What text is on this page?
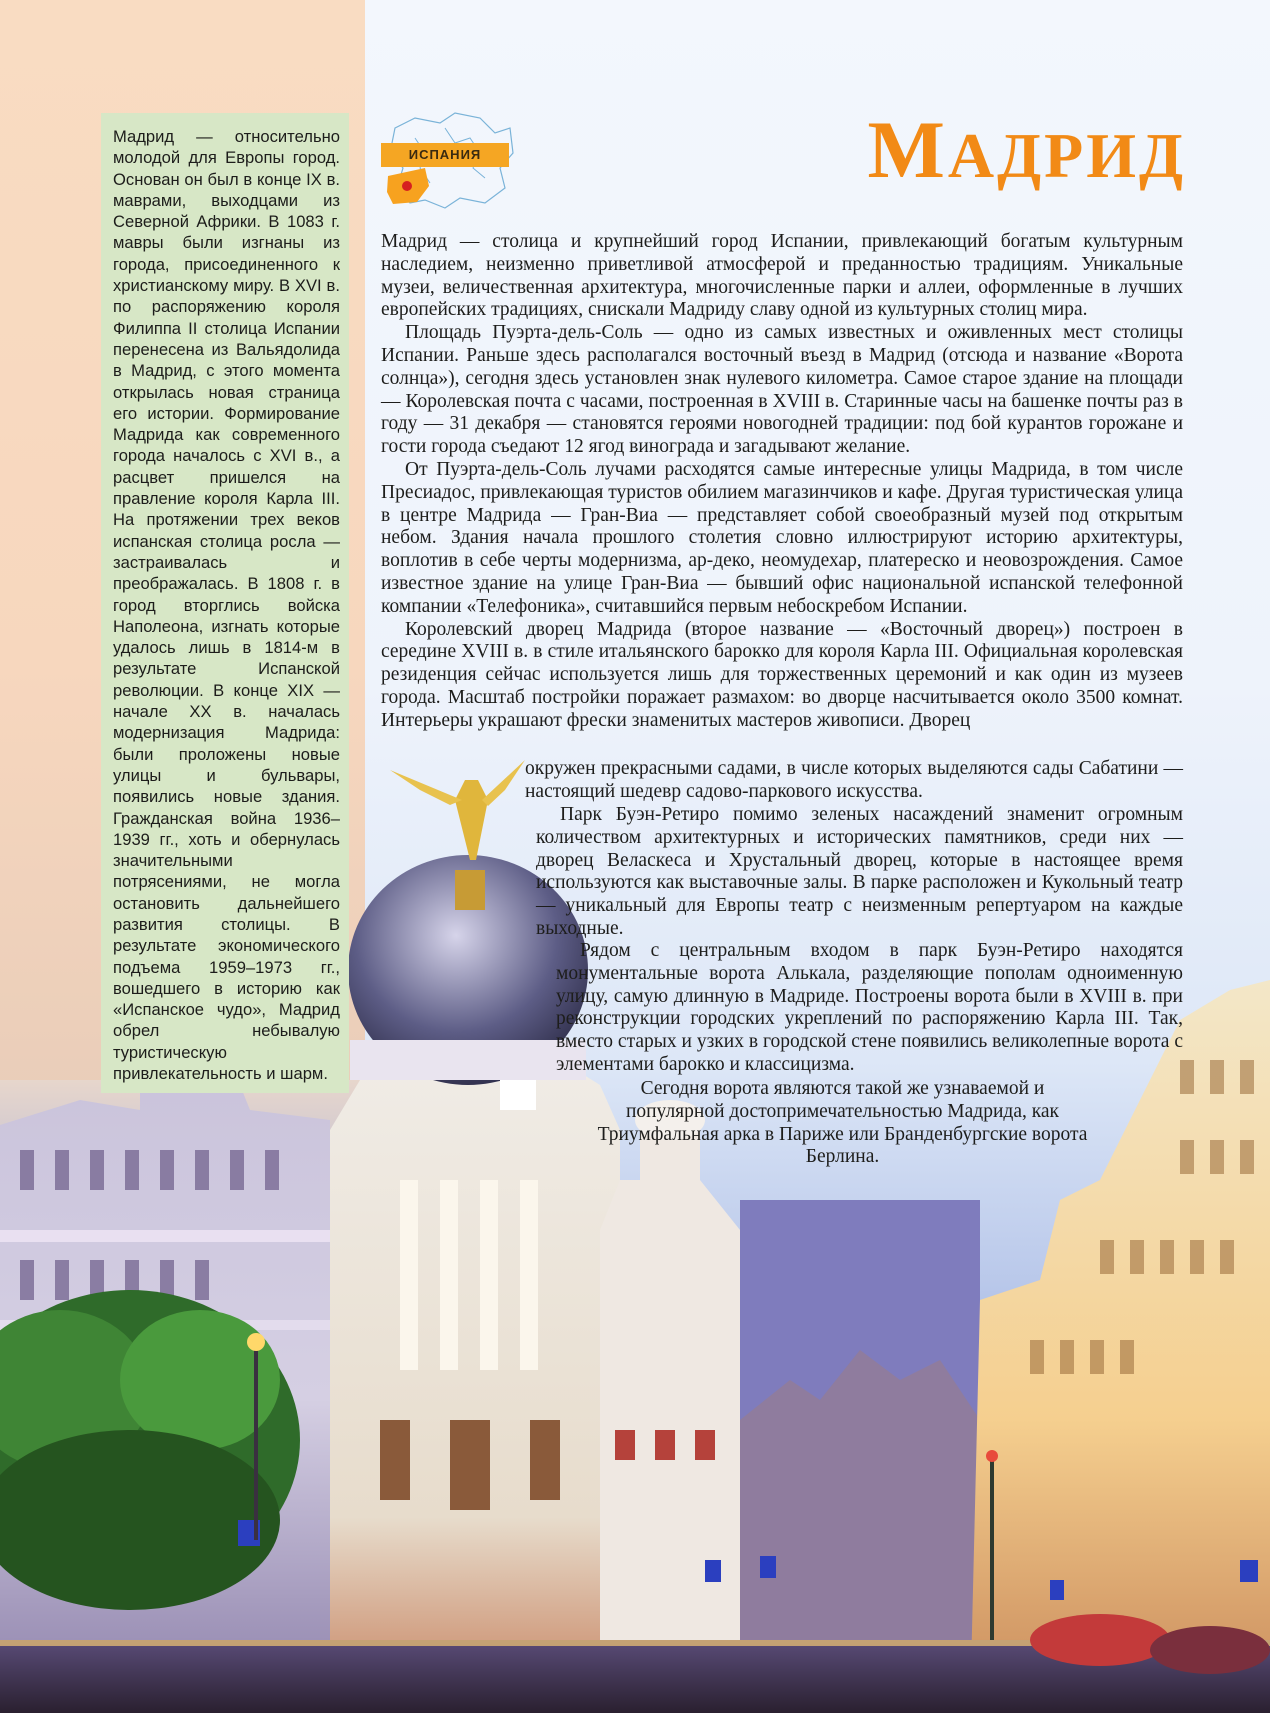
Мадрид — относительно молодой для Европы город. Основан он был в конце IX в. маврами, выходцами из Северной Африки. В 1083 г. мавры были изгнаны из города, присоединенного к христианскому миру. В XVI в. по распоряжению короля Филиппа II столица Испании перенесена из Вальядолида в Мадрид, с этого момента открылась новая страница его истории. Формирование Мадрида как современного города началось с XVI в., а расцвет пришелся на правление короля Карла III. На протяжении трех веков испанская столица росла — застраивалась и преображалась. В 1808 г. в город вторглись войска Наполеона, изгнать которые удалось лишь в 1814-м в результате Испанской революции. В конце XIX — начале XX в. началась модернизация Мадрида: были проложены новые улицы и бульвары, появились новые здания. Гражданская война 1936–1939 гг., хоть и обернулась значительными потрясениями, не могла остановить дальнейшего развития столицы. В результате экономического подъема 1959–1973 гг., вошедшего в историю как «Испанское чудо», Мадрид обрел небывалую туристическую привлекательность и шарм.
ИСПАНИЯ	МАДРИД

Мадрид — столица и крупнейший город Испании, привлекающий богатым культурным наследием, неизменно приветливой атмосферой и преданностью традициям. Уникальные музеи, величественная архитектура, многочисленные парки и аллеи, оформленные в лучших европейских традициях, снискали Мадриду славу одной из культурных столиц мира.

Площадь Пуэрта-дель-Соль — одно из самых известных и оживленных мест столицы Испании. Раньше здесь располагался восточный въезд в Мадрид (отсюда и название «Ворота солнца»), сегодня здесь установлен знак нулевого километра. Самое старое здание на площади — Королевская почта с часами, построенная в XVIII в. Старинные часы на башенке почты раз в году — 31 декабря — становятся героями новогодней традиции: под бой курантов горожане и гости города съедают 12 ягод винограда и загадывают желание.

От Пуэрта-дель-Соль лучами расходятся самые интересные улицы Мадрида, в том числе Пресиадос, привлекающая туристов обилием магазинчиков и кафе. Другая туристическая улица в центре Мадрида — Гран-Виа — представляет собой своеобразный музей под открытым небом. Здания начала прошлого столетия словно иллюстрируют историю архитектуры, воплотив в себе черты модернизма, ар-деко, неомудехар, платереско и неовозрождения. Самое известное здание на улице Гран-Виа — бывший офис национальной испанской телефонной компании «Телефоника», считавшийся первым небоскребом Испании.

Королевский дворец Мадрида (второе название — «Восточный дворец») построен в середине XVIII в. в стиле итальянского барокко для короля Карла III. Официальная королевская резиденция сейчас используется лишь для торжественных церемоний и как один из музеев города. Масштаб постройки поражает размахом: во дворце насчитывается около 3500 комнат. Интерьеры украшают фрески знаменитых мастеров живописи. Дворец

окружен прекрасными садами, в числе которых выделяются сады Сабатини — настоящий шедевр садово-паркового искусства.

Парк Буэн-Ретиро помимо зеленых насаждений знаменит огромным количеством архитектурных и исторических памятников, среди них — дворец Веласкеса и Хрустальный дворец, которые в настоящее время используются как выставочные залы. В парке расположен и Кукольный театр — уникальный для Европы театр с неизменным репертуаром на каждые выходные.

Рядом с центральным входом в парк Буэн-Ретиро находятся монументальные ворота Алькала, разделяющие пополам одноименную улицу, самую длинную в Мадриде. Построены ворота были в XVIII в. при реконструкции городских укреплений по распоряжению Карла III. Так, вместо старых и узких в городской стене появились великолепные ворота с элементами барокко и классицизма.

Сегодня ворота являются такой же узнаваемой и популярной достопримечательностью Мадрида, как Триумфальная арка в Париже или Бранденбургские ворота Берлина.
